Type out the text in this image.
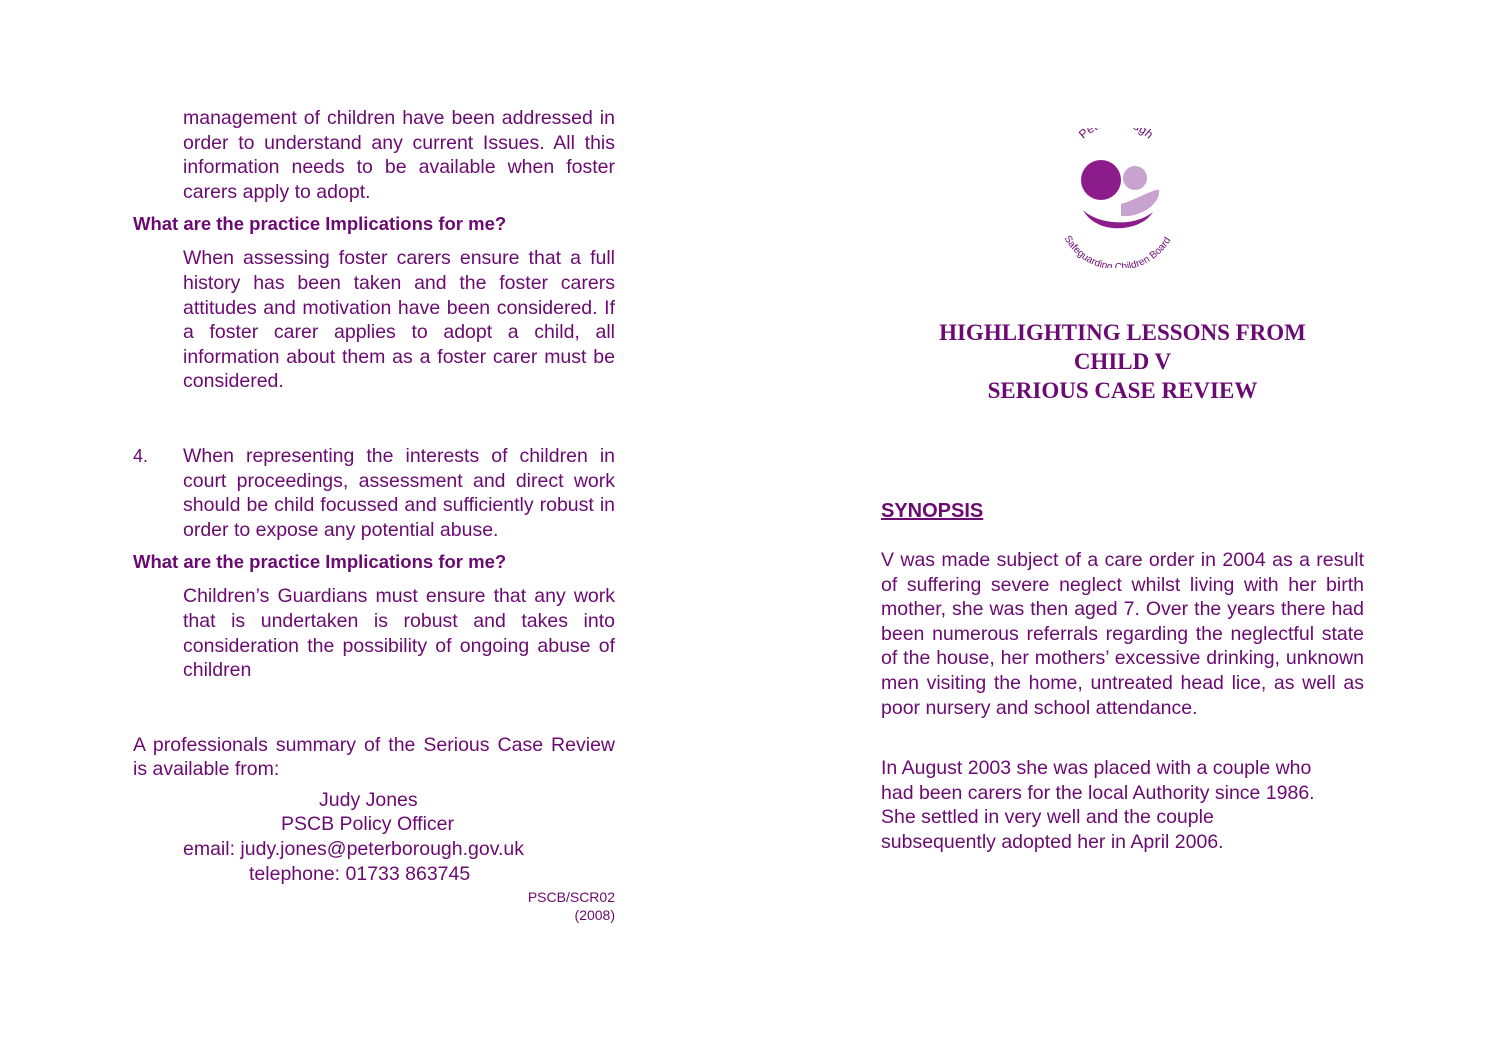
management of children have been addressed in order to understand any current Issues. All this information needs to be available when foster carers apply to adopt.

What are the practice Implications for me?

When assessing foster carers ensure that a full history has been taken and the foster carers attitudes and motivation have been considered. If a foster carer applies to adopt a child, all information about them as a foster carer must be considered.

4. When representing the interests of children in court proceedings, assessment and direct work should be child focussed and sufficiently robust in order to expose any potential abuse.

What are the practice Implications for me?

Children’s Guardians must ensure that any work that is undertaken is robust and takes into consideration the possibility of ongoing abuse of children

A professionals summary of the Serious Case Review is available from:

Judy Jones
PSCB Policy Officer
email: judy.jones@peterborough.gov.uk
telephone: 01733 863745
PSCB/SCR02
(2008)
Pe gh
Safeguarding Children Board
HIGHLIGHTING LESSONS FROM
CHILD V
SERIOUS CASE REVIEW
SYNOPSIS

V was made subject of a care order in 2004 as a result of suffering severe neglect whilst living with her birth mother, she was then aged 7. Over the years there had been numerous referrals regarding the neglectful state of the house, her mothers’ excessive drinking, unknown men visiting the home, untreated head lice, as well as poor nursery and school attendance.

In August 2003 she was placed with a couple who
had been carers for the local Authority since 1986.
She settled in very well and the couple
subsequently adopted her in April 2006.
